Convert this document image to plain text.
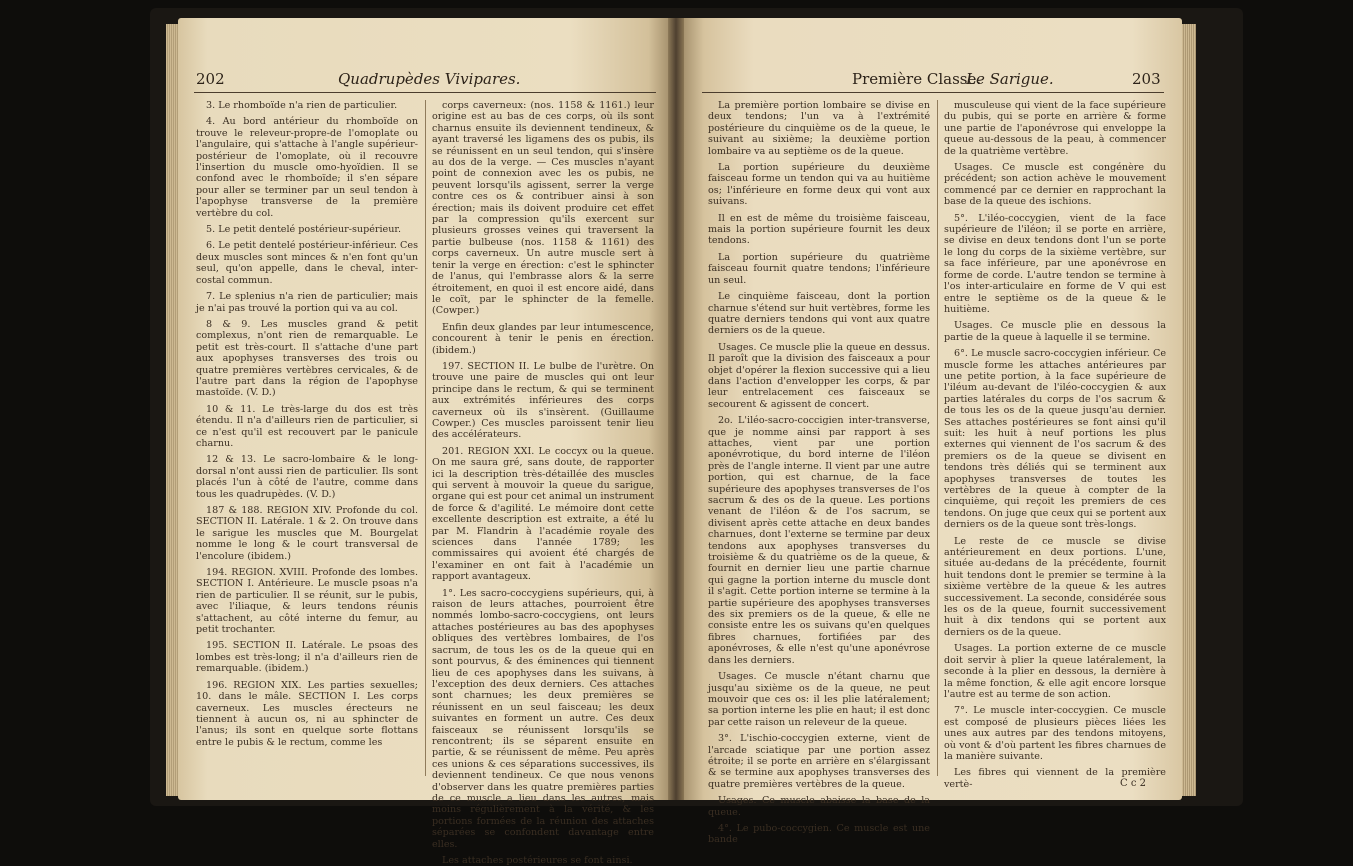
202	Quadrupèdes Vivipares.

3. Le rhomboïde n'a rien de particulier.

4. Au bord antérieur du rhomboïde on trouve le releveur-propre-de l'omoplate ou l'angulaire, qui s'attache à l'angle supérieur-postérieur de l'omoplate, où il recouvre l'insertion du muscle omo-hyoïdien. Il se confond avec le rhomboïde; il s'en sépare pour aller se terminer par un seul tendon à l'apophyse transverse de la première vertèbre du col.

5. Le petit dentelé postérieur-supérieur.

6. Le petit dentelé postérieur-inférieur. Ces deux muscles sont minces & n'en font qu'un seul, qu'on appelle, dans le cheval, inter-costal commun.

7. Le splenius n'a rien de particulier; mais je n'ai pas trouvé la portion qui va au col.

8 & 9. Les muscles grand & petit complexus, n'ont rien de remarquable. Le petit est très-court. Il s'attache d'une part aux apophyses transverses des trois ou quatre premières vertèbres cervicales, & de l'autre part dans la région de l'apophyse mastoïde. (V. D.)

10 & 11. Le très-large du dos est très étendu. Il n'a d'ailleurs rien de particulier, si ce n'est qu'il est recouvert par le panicule charnu.

12 & 13. Le sacro-lombaire & le long-dorsal n'ont aussi rien de particulier. Ils sont placés l'un à côté de l'autre, comme dans tous les quadrupèdes. (V. D.)

187 & 188. REGION XIV. Profonde du col. SECTION II. Latérale. 1 & 2. On trouve dans le sarigue les muscles que M. Bourgelat nomme le long & le court transversal de l'encolure (ibidem.)

194. REGION. XVIII. Profonde des lombes. SECTION I. Antérieure. Le muscle psoas n'a rien de particulier. Il se réunit, sur le pubis, avec l'iliaque, & leurs tendons réunis s'attachent, au côté interne du femur, au petit trochanter.

195. SECTION II. Latérale. Le psoas des lombes est très-long; il n'a d'ailleurs rien de remarquable. (ibidem.)

196. REGION XIX. Les parties sexuelles; 10. dans le mâle. SECTION I. Les corps caverneux. Les muscles érecteurs ne tiennent à aucun os, ni au sphincter de l'anus; ils sont en quelque sorte flottans entre le pubis & le rectum, comme les

corps caverneux: (nos. 1158 & 1161.) leur origine est au bas de ces corps, où ils sont charnus ensuite ils deviennent tendineux, & ayant traversé les ligamens des os pubis, ils se réunissent en un seul tendon, qui s'insère au dos de la verge. — Ces muscles n'ayant point de connexion avec les os pubis, ne peuvent lorsqu'ils agissent, serrer la verge contre ces os & contribuer ainsi à son érection; mais ils doivent produire cet effet par la compression qu'ils exercent sur plusieurs grosses veines qui traversent la partie bulbeuse (nos. 1158 & 1161) des corps caverneux. Un autre muscle sert à tenir la verge en érection: c'est le sphincter de l'anus, qui l'embrasse alors & la serre étroitement, en quoi il est encore aidé, dans le coït, par le sphincter de la femelle. (Cowper.)

Enfin deux glandes par leur intumescence, concourent à tenir le penis en érection. (ibidem.)

197. SECTION II. Le bulbe de l'urètre. On trouve une paire de muscles qui ont leur principe dans le rectum, & qui se terminent aux extrémités inférieures des corps caverneux où ils s'insèrent. (Guillaume Cowper.) Ces muscles paroissent tenir lieu des accélérateurs.

201. REGION XXI. Le coccyx ou la queue. On me saura gré, sans doute, de rapporter ici la description très-détaillée des muscles qui servent à mouvoir la queue du sarigue, organe qui est pour cet animal un instrument de force & d'agilité. Le mémoire dont cette excellente description est extraite, a été lu par M. Flandrin à l'académie royale des sciences dans l'année 1789; les commissaires qui avoient été chargés de l'examiner en ont fait à l'académie un rapport avantageux.

1°. Les sacro-coccygiens supérieurs, qui, à raison de leurs attaches, pourroient être nommés lombo-sacro-coccygiens, ont leurs attaches postérieures au bas des apophyses obliques des vertèbres lombaires, de l'os sacrum, de tous les os de la queue qui en sont pourvus, & des éminences qui tiennent lieu de ces apophyses dans les suivans, à l'exception des deux derniers. Ces attaches sont charnues; les deux premières se réunissent en un seul faisceau; les deux suivantes en forment un autre. Ces deux faisceaux se réunissent lorsqu'ils se rencontrent; ils se séparent ensuite en partie, & se réunissent de même. Peu après ces unions & ces séparations successives, ils deviennent tendineux. Ce que nous venons d'observer dans les quatre premières parties de ce muscle a lieu dans les autres, mais moins régulièrement à la vérité, & les portions formées de la réunion des attaches séparées se confondent davantage entre elles.

Les attaches postérieures se font ainsi.

Première Classe.
Le Sarigue.	203

La première portion lombaire se divise en deux tendons; l'un va à l'extrémité postérieure du cinquième os de la queue, le suivant au sixième; la deuxième portion lombaire va au septième os de la queue.

La portion supérieure du deuxième faisceau forme un tendon qui va au huitième os; l'inférieure en forme deux qui vont aux suivans.

Il en est de même du troisième faisceau, mais la portion supérieure fournit les deux tendons.

La portion supérieure du quatrième faisceau fournit quatre tendons; l'inférieure un seul.

Le cinquième faisceau, dont la portion charnue s'étend sur huit vertèbres, forme les quatre derniers tendons qui vont aux quatre derniers os de la queue.

Usages. Ce muscle plie la queue en dessus. Il paroît que la division des faisceaux a pour objet d'opérer la flexion successive qui a lieu dans l'action d'envelopper les corps, & par leur entrelacement ces faisceaux se secourent & agissent de concert.

2o. L'iléo-sacro-coccigien inter-transverse, que je nomme ainsi par rapport à ses attaches, vient par une portion aponévrotique, du bord interne de l'iléon près de l'angle interne. Il vient par une autre portion, qui est charnue, de la face supérieure des apophyses transverses de l'os sacrum & des os de la queue. Les portions venant de l'iléon & de l'os sacrum, se divisent après cette attache en deux bandes charnues, dont l'externe se termine par deux tendons aux apophyses transverses du troisième & du quatrième os de la queue, & fournit en dernier lieu une partie charnue qui gagne la portion interne du muscle dont il s'agit. Cette portion interne se termine à la partie supérieure des apophyses transverses des six premiers os de la queue, & elle ne consiste entre les os suivans qu'en quelques fibres charnues, fortifiées par des aponévroses, & elle n'est qu'une aponévrose dans les derniers.

Usages. Ce muscle n'étant charnu que jusqu'au sixième os de la queue, ne peut mouvoir que ces os: il les plie latéralement; sa portion interne les plie en haut; il est donc par cette raison un releveur de la queue.

3°. L'ischio-coccygien externe, vient de l'arcade sciatique par une portion assez étroite; il se porte en arrière en s'élargissant & se termine aux apophyses transverses des quatre premières vertèbres de la queue.

Usages. Ce muscle abaisse la base de la queue.

4°. Le pubo-coccygien. Ce muscle est une bande

musculeuse qui vient de la face supérieure du pubis, qui se porte en arrière & forme une partie de l'aponévrose qui enveloppe la queue au-dessous de la peau, à commencer de la quatrième vertèbre.

Usages. Ce muscle est congénère du précédent; son action achève le mouvement commencé par ce dernier en rapprochant la base de la queue des ischions.

5°. L'iléo-coccygien, vient de la face supérieure de l'iléon; il se porte en arrière, se divise en deux tendons dont l'un se porte le long du corps de la sixième vertèbre, sur sa face inférieure, par une aponévrose en forme de corde. L'autre tendon se termine à l'os inter-articulaire en forme de V qui est entre le septième os de la queue & le huitième.

Usages. Ce muscle plie en dessous la partie de la queue à laquelle il se termine.

6°. Le muscle sacro-coccygien inférieur. Ce muscle forme les attaches antérieures par une petite portion, à la face supérieure de l'iléum au-devant de l'iléo-coccygien & aux parties latérales du corps de l'os sacrum & de tous les os de la queue jusqu'au dernier. Ses attaches postérieures se font ainsi qu'il suit: les huit à neuf portions les plus externes qui viennent de l'os sacrum & des premiers os de la queue se divisent en tendons très déliés qui se terminent aux apophyses transverses de toutes les vertèbres de la queue à compter de la cinquième, qui reçoit les premiers de ces tendons. On juge que ceux qui se portent aux derniers os de la queue sont très-longs.

Le reste de ce muscle se divise antérieurement en deux portions. L'une, située au-dedans de la précédente, fournit huit tendons dont le premier se termine à la sixième vertèbre de la queue & les autres successivement. La seconde, considérée sous les os de la queue, fournit successivement huit à dix tendons qui se portent aux derniers os de la queue.

Usages. La portion externe de ce muscle doit servir à plier la queue latéralement, la seconde à la plier en dessous, la dernière à la même fonction, & elle agit encore lorsque l'autre est au terme de son action.

7°. Le muscle inter-coccygien. Ce muscle est composé de plusieurs pièces liées les unes aux autres par des tendons mitoyens, où vont & d'où partent les fibres charnues de la manière suivante.

Les fibres qui viennent de la première vertè-	C c 2
